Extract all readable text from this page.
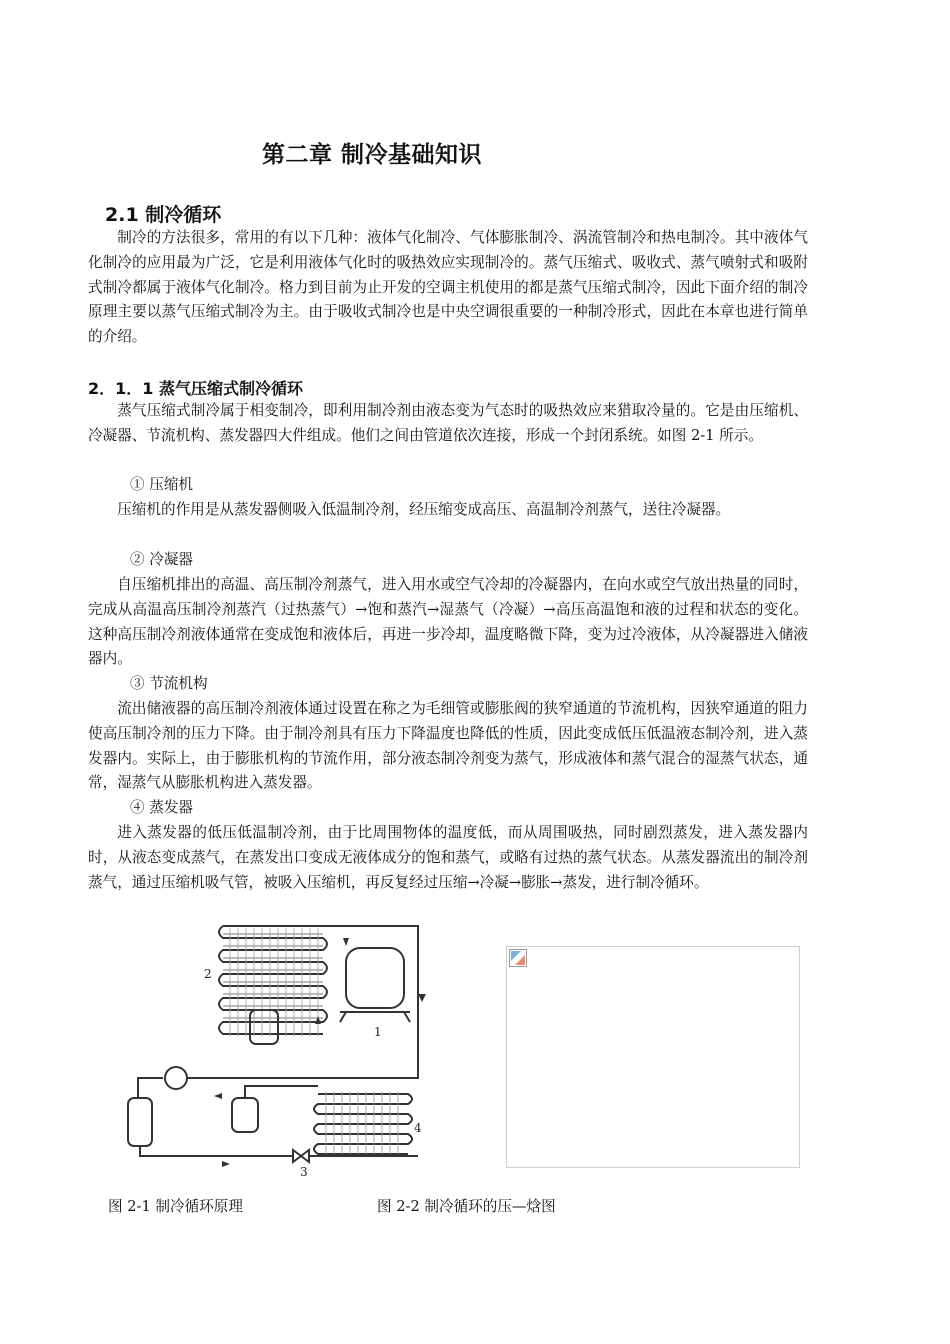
第二章 制冷基础知识
2.1 制冷循环

制冷的方法很多，常用的有以下几种：液体气化制冷、气体膨胀制冷、涡流管制冷和热电制冷。其中液体气化制冷的应用最为广泛，它是利用液体气化时的吸热效应实现制冷的。蒸气压缩式、吸收式、蒸气喷射式和吸附式制冷都属于液体气化制冷。格力到目前为止开发的空调主机使用的都是蒸气压缩式制冷，因此下面介绍的制冷原理主要以蒸气压缩式制冷为主。由于吸收式制冷也是中央空调很重要的一种制冷形式，因此在本章也进行简单的介绍。

2．1．1 蒸气压缩式制冷循环

蒸气压缩式制冷属于相变制冷，即利用制冷剂由液态变为气态时的吸热效应来猎取冷量的。它是由压缩机、冷凝器、节流机构、蒸发器四大件组成。他们之间由管道依次连接，形成一个封闭系统。如图 2-1 所示。

① 压缩机

压缩机的作用是从蒸发器侧吸入低温制冷剂，经压缩变成高压、高温制冷剂蒸气，送往冷凝器。

② 冷凝器

自压缩机排出的高温、高压制冷剂蒸气，进入用水或空气冷却的冷凝器内，在向水或空气放出热量的同时，完成从高温高压制冷剂蒸汽（过热蒸气）→饱和蒸汽→湿蒸气（冷凝）→高压高温饱和液的过程和状态的变化。这种高压制冷剂液体通常在变成饱和液体后，再进一步冷却，温度略微下降，变为过冷液体，从冷凝器进入储液器内。

③ 节流机构

流出储液器的高压制冷剂液体通过设置在称之为毛细管或膨胀阀的狭窄通道的节流机构，因狭窄通道的阻力使高压制冷剂的压力下降。由于制冷剂具有压力下降温度也降低的性质，因此变成低压低温液态制冷剂，进入蒸发器内。实际上，由于膨胀机构的节流作用，部分液态制冷剂变为蒸气，形成液体和蒸气混合的湿蒸气状态，通常，湿蒸气从膨胀机构进入蒸发器。

④ 蒸发器

进入蒸发器的低压低温制冷剂，由于比周围物体的温度低，而从周围吸热，同时剧烈蒸发，进入蒸发器内时，从液态变成蒸气，在蒸发出口变成无液体成分的饱和蒸气，或略有过热的蒸气状态。从蒸发器流出的制冷剂蒸气，通过压缩机吸气管，被吸入压缩机，再反复经过压缩→冷凝→膨胀→蒸发，进行制冷循环。

2
1
3
4
图 2-1 制冷循环原理	图 2-2 制冷循环的压—焓图
